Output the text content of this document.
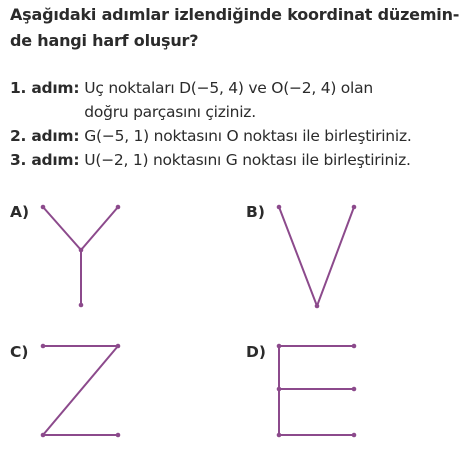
Aşağıdaki adımlar izlendiğinde koordinat düzemin-
de hangi harf oluşur?
1. adım: Uç noktaları D(−5, 4) ve O(−2, 4) olan doğru parçasını çiziniz.
2. adım: G(−5, 1) noktasını O noktası ile birleştiriniz.
3. adım: U(−2, 1) noktasını G noktası ile birleştiriniz.
A)	B)
C)	D)
